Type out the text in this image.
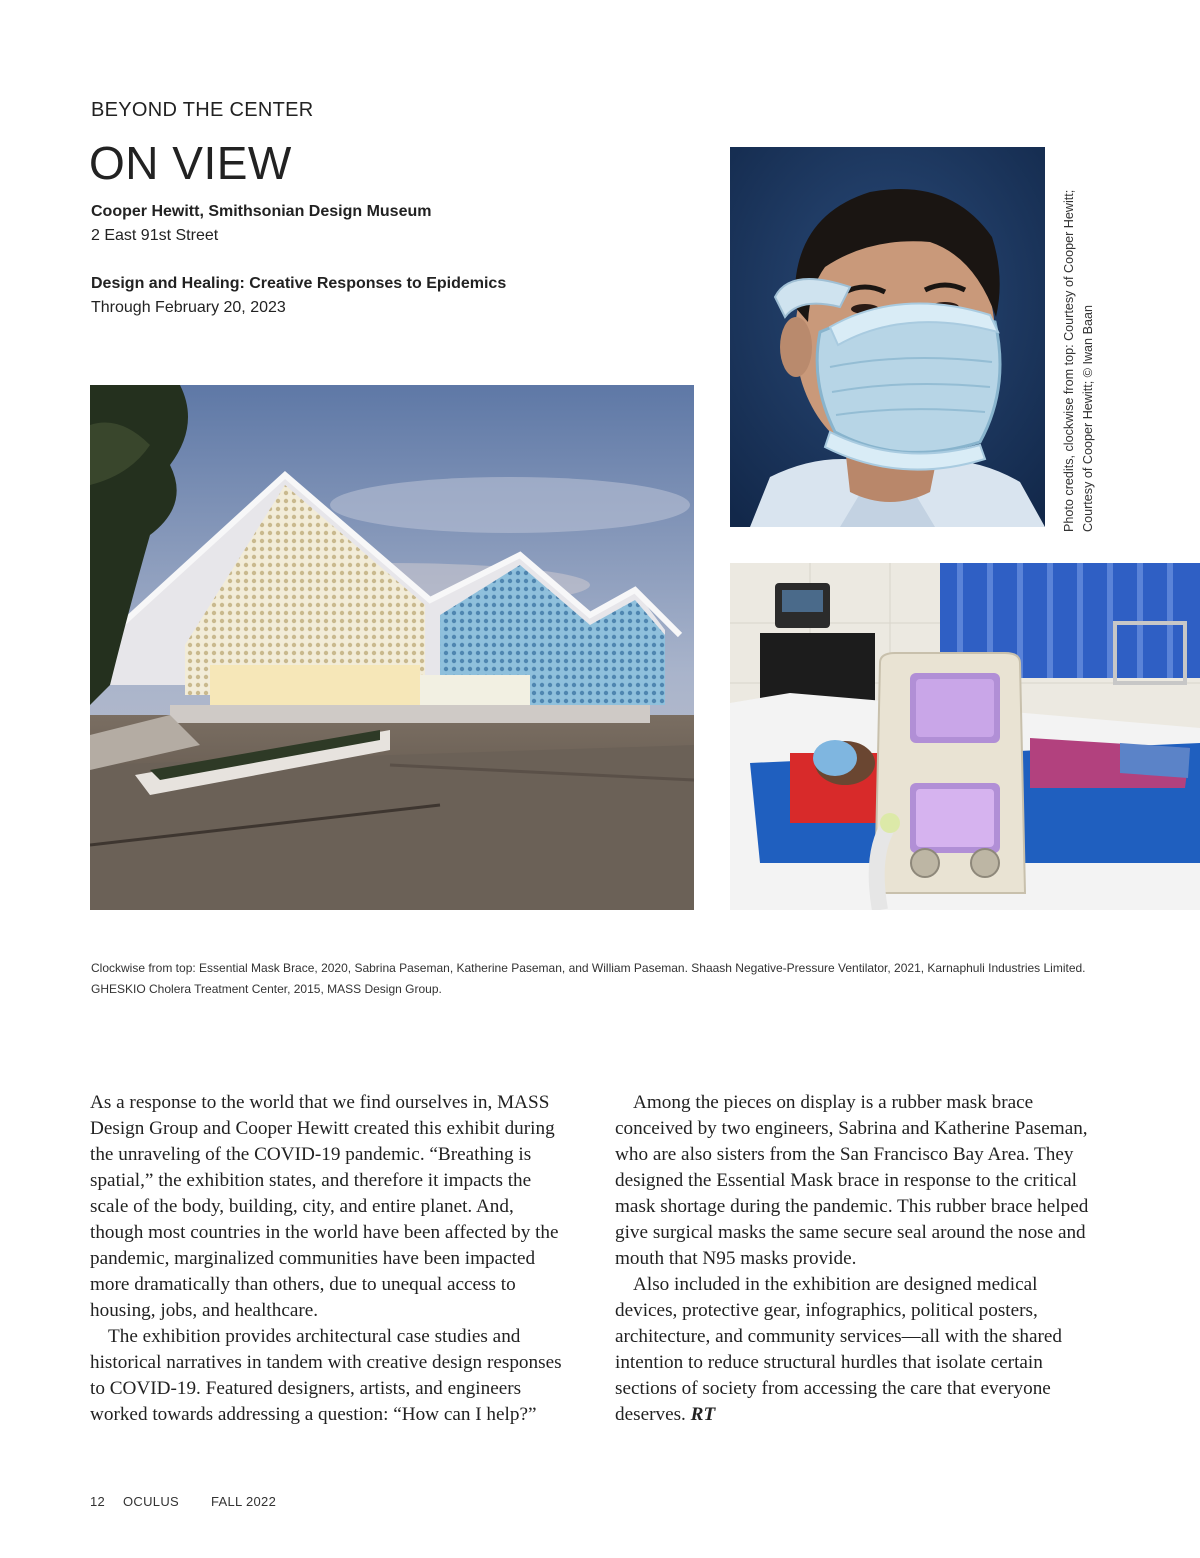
BEYOND THE CENTER
ON VIEW
Cooper Hewitt, Smithsonian Design Museum
2 East 91st Street
Design and Healing: Creative Responses to Epidemics
Through February 20, 2023	Photo credits, clockwise from top: Courtesy of Cooper Hewitt; Courtesy of Cooper Hewitt; © Iwan Baan
Clockwise from top: Essential Mask Brace, 2020, Sabrina Paseman, Katherine Paseman, and William Paseman. Shaash Negative-Pressure Ventilator, 2021, Karnaphuli Industries Limited. GHESKIO Cholera Treatment Center, 2015, MASS Design Group.

As a response to the world that we find ourselves in, MASS Design Group and Cooper Hewitt created this exhibit during the unraveling of the COVID-19 pandemic. “Breathing is spatial,” the exhibition states, and therefore it impacts the scale of the body, building, city, and entire planet. And, though most countries in the world have been affected by the pandemic, marginalized communities have been impacted more dramatically than others, due to unequal access to housing, jobs, and healthcare.

The exhibition provides architectural case studies and historical narratives in tandem with creative design responses to COVID-19. Featured designers, artists, and engineers worked towards addressing a question: “How can I help?”

Among the pieces on display is a rubber mask brace conceived by two engineers, Sabrina and Katherine Paseman, who are also sisters from the San Francisco Bay Area. They designed the Essential Mask brace in response to the critical mask shortage during the pandemic. This rubber brace helped give surgical masks the same secure seal around the nose and mouth that N95 masks provide.

Also included in the exhibition are designed medical devices, protective gear, infographics, political posters, architecture, and community services—all with the shared intention to reduce structural hurdles that isolate certain sections of society from accessing the care that everyone deserves. RT

12 OCULUS FALL 2022
